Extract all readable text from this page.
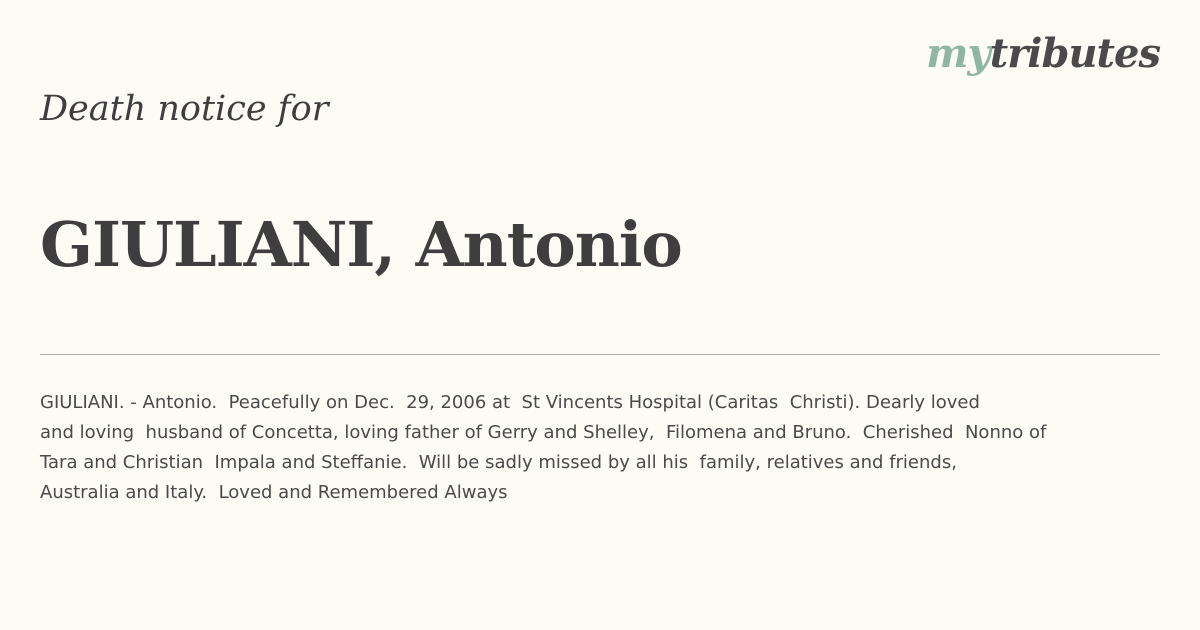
mytributes
Death notice for
GIULIANI, Antonio

GIULIANI. - Antonio.  Peacefully on Dec.  29, 2006 at  St Vincents Hospital (Caritas  Christi). Dearly loved
and loving  husband of Concetta, loving father of Gerry and Shelley,  Filomena and Bruno.  Cherished  Nonno of
Tara and Christian  Impala and Steffanie.  Will be sadly missed by all his  family, relatives and friends,
Australia and Italy.  Loved and Remembered Always
